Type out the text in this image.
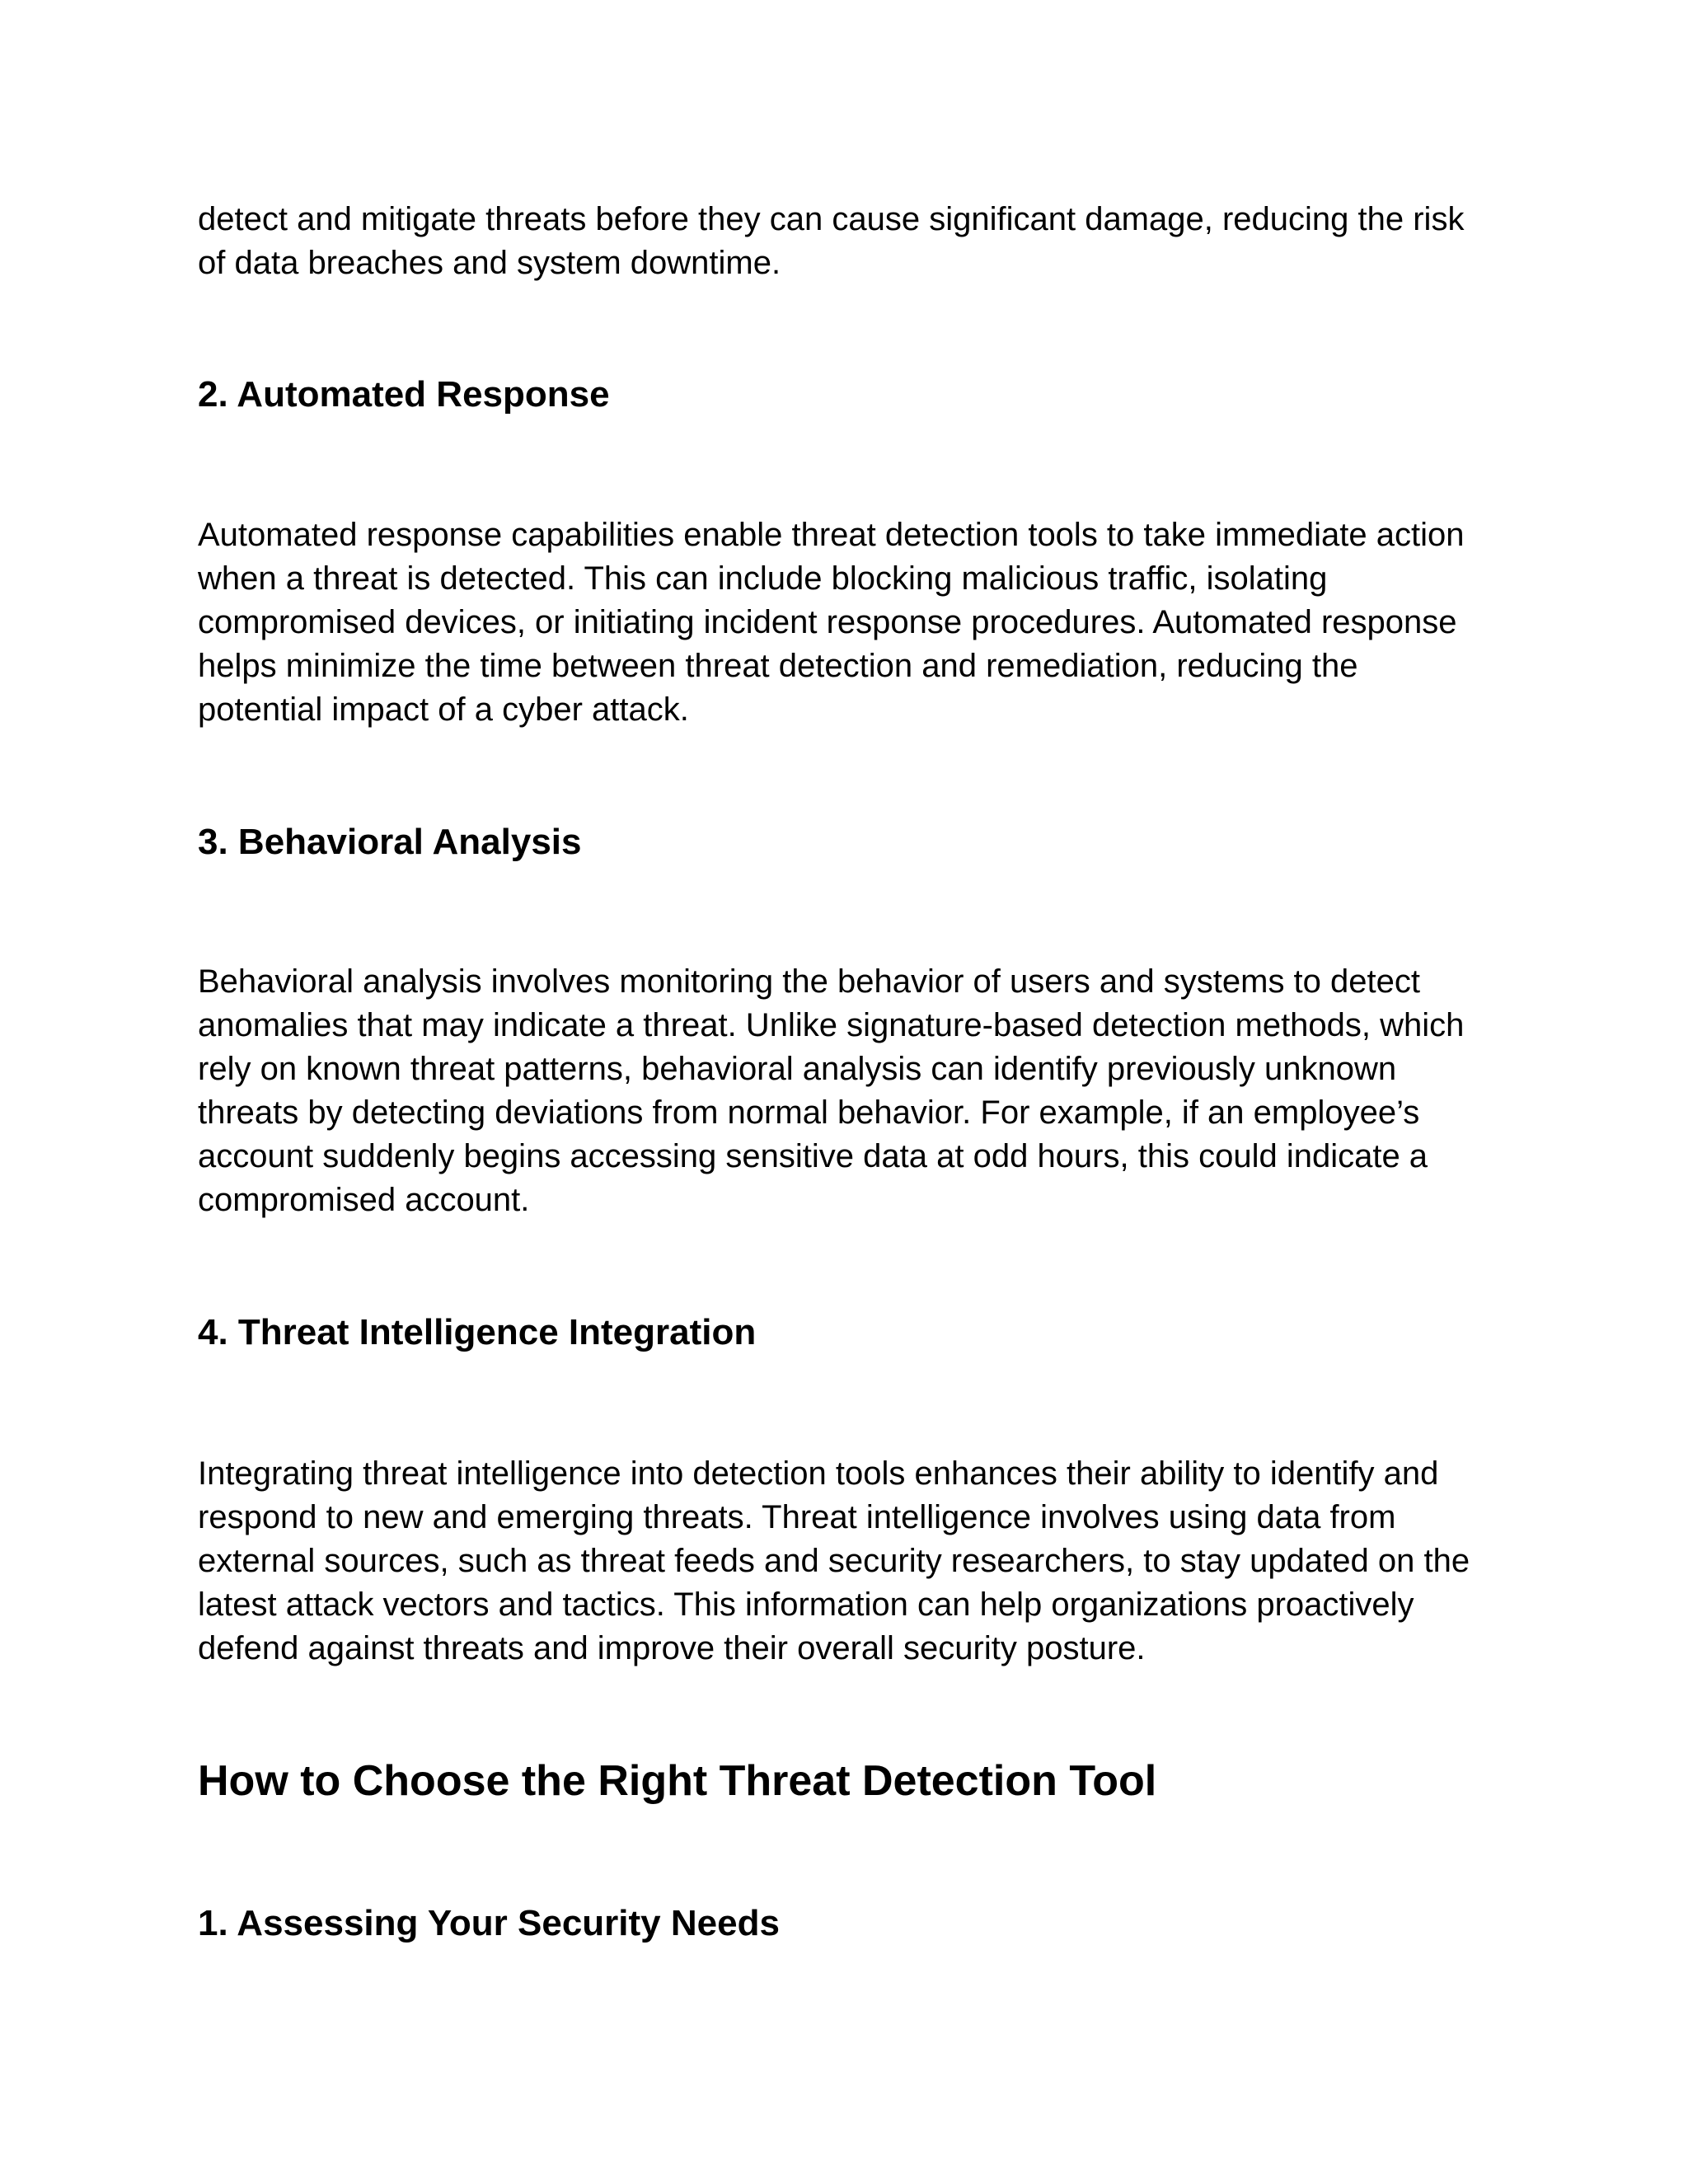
detect and mitigate threats before they can cause significant damage, reducing the risk of data breaches and system downtime.

2. Automated Response

Automated response capabilities enable threat detection tools to take immediate action when a threat is detected. This can include blocking malicious traffic, isolating compromised devices, or initiating incident response procedures. Automated response helps minimize the time between threat detection and remediation, reducing the potential impact of a cyber attack.

3. Behavioral Analysis

Behavioral analysis involves monitoring the behavior of users and systems to detect anomalies that may indicate a threat. Unlike signature-based detection methods, which rely on known threat patterns, behavioral analysis can identify previously unknown threats by detecting deviations from normal behavior. For example, if an employee’s account suddenly begins accessing sensitive data at odd hours, this could indicate a compromised account.

4. Threat Intelligence Integration

Integrating threat intelligence into detection tools enhances their ability to identify and respond to new and emerging threats. Threat intelligence involves using data from external sources, such as threat feeds and security researchers, to stay updated on the latest attack vectors and tactics. This information can help organizations proactively defend against threats and improve their overall security posture.

How to Choose the Right Threat Detection Tool
1. Assessing Your Security Needs
